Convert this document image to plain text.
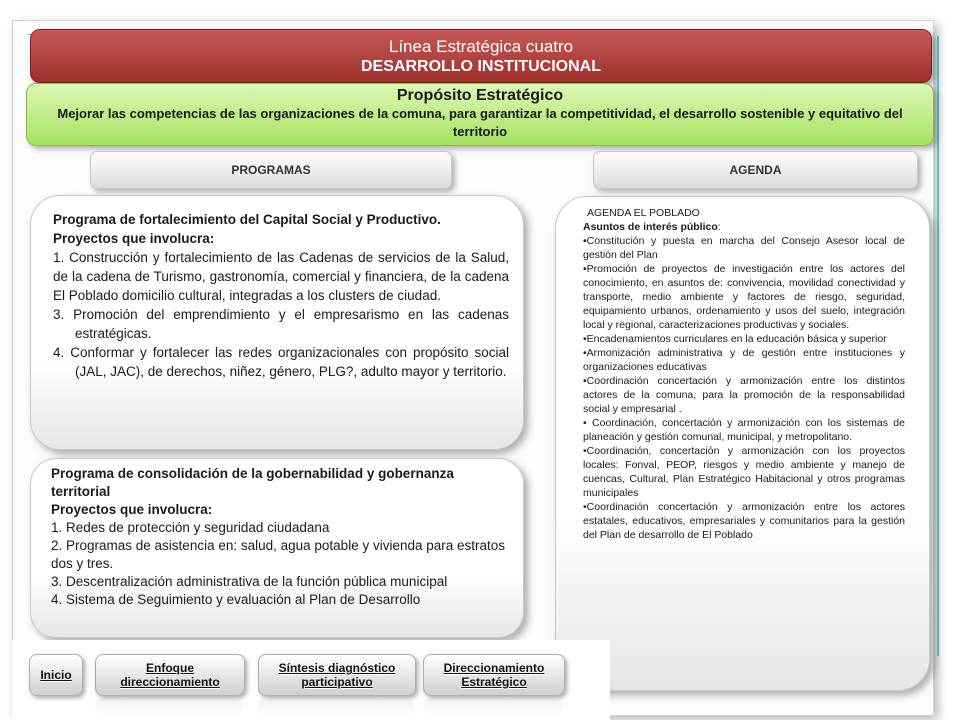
Línea Estratégica cuatro
DESARROLLO INSTITUCIONAL
Propósito Estratégico
Mejorar las competencias de las organizaciones de la comuna, para garantizar la competitividad, el desarrollo sostenible y equitativo del territorio
PROGRAMAS	AGENDA
Programa de fortalecimiento del Capital Social y Productivo.
Proyectos que involucra:
1. Construcción y fortalecimiento de las Cadenas de servicios de la Salud, de la cadena de Turismo, gastronomía, comercial y financiera, de la cadena El Poblado domicilio cultural, integradas a los clusters de ciudad.
3. Promoción del emprendimiento y el empresarismo en las cadenas estratégicas.
4. Conformar y fortalecer las redes organizacionales con propósito social (JAL, JAC), de derechos, niñez, género, PLG?, adulto mayor y territorio.
Programa de consolidación de la gobernabilidad y gobernanza territorial
Proyectos que involucra:
1. Redes de protección y seguridad ciudadana
2. Programas de asistencia en: salud, agua potable y vivienda para estratos dos y tres.
3. Descentralización administrativa de la función pública municipal
4. Sistema de Seguimiento y evaluación al Plan de Desarrollo
AGENDA EL POBLADO
Asuntos de interés público:
•Constitución y puesta en marcha del Consejo Asesor local de gestión del Plan
•Promoción de proyectos de investigación entre los actores del conocimiento, en asuntos de: convivencia, movilidad conectividad y transporte, medio ambiente y factores de riesgo, seguridad, equipamiento urbanos, ordenamiento y usos del suelo, integración local y regional, caracterizaciones productivas y sociales.
•Encadenamientos curriculares en la educación básica y superior
•Armonización administrativa y de gestión entre instituciones y organizaciones educativas
•Coordinación concertación y armonización entre los distintos actores de la comuna, para la promoción de la responsabilidad social y empresarial .
• Coordinación, concertación y armonización con los sistemas de planeación y gestión comunal, municipal, y metropolitano.
•Coordinación, concertación y armonización con los proyectos locales: Fonval, PEOP, riesgos y medio ambiente y manejo de cuencas, Cultural, Plan Estratégico Habitacional y otros programas municipales
•Coordinación concertación y armonización entre los actores estatales, educativos, empresariales y comunitarios para la gestión del Plan de desarrollo de El Poblado
Inicio	Enfoque direccionamiento
Síntesis diagnóstico participativo
Direccionamiento Estratégico
